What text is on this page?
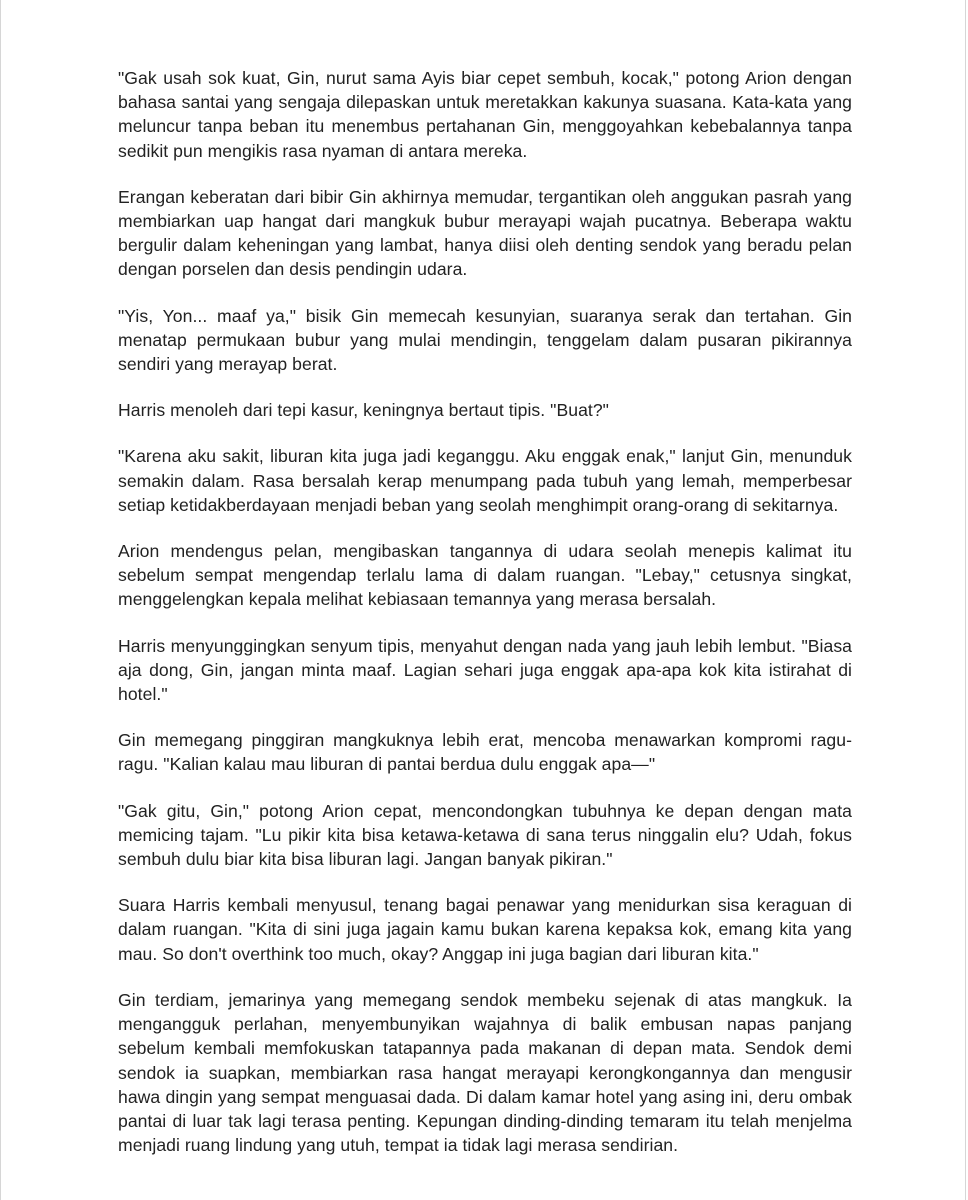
"Gak usah sok kuat, Gin, nurut sama Ayis biar cepet sembuh, kocak," potong Arion dengan bahasa santai yang sengaja dilepaskan untuk meretakkan kakunya suasana. Kata-kata yang meluncur tanpa beban itu menembus pertahanan Gin, menggoyahkan kebebalannya tanpa sedikit pun mengikis rasa nyaman di antara mereka.

Erangan keberatan dari bibir Gin akhirnya memudar, tergantikan oleh anggukan pasrah yang membiarkan uap hangat dari mangkuk bubur merayapi wajah pucatnya. Beberapa waktu bergulir dalam keheningan yang lambat, hanya diisi oleh denting sendok yang beradu pelan dengan porselen dan desis pendingin udara.

"Yis, Yon... maaf ya," bisik Gin memecah kesunyian, suaranya serak dan tertahan. Gin menatap permukaan bubur yang mulai mendingin, tenggelam dalam pusaran pikirannya sendiri yang merayap berat.

Harris menoleh dari tepi kasur, keningnya bertaut tipis. "Buat?"

"Karena aku sakit, liburan kita juga jadi keganggu. Aku enggak enak," lanjut Gin, menunduk semakin dalam. Rasa bersalah kerap menumpang pada tubuh yang lemah, memperbesar setiap ketidakberdayaan menjadi beban yang seolah menghimpit orang-orang di sekitarnya.

Arion mendengus pelan, mengibaskan tangannya di udara seolah menepis kalimat itu sebelum sempat mengendap terlalu lama di dalam ruangan. "Lebay," cetusnya singkat, menggelengkan kepala melihat kebiasaan temannya yang merasa bersalah.

Harris menyunggingkan senyum tipis, menyahut dengan nada yang jauh lebih lembut. "Biasa aja dong, Gin, jangan minta maaf. Lagian sehari juga enggak apa-apa kok kita istirahat di hotel."

Gin memegang pinggiran mangkuknya lebih erat, mencoba menawarkan kompromi ragu-ragu. "Kalian kalau mau liburan di pantai berdua dulu enggak apa—"

"Gak gitu, Gin," potong Arion cepat, mencondongkan tubuhnya ke depan dengan mata memicing tajam. "Lu pikir kita bisa ketawa-ketawa di sana terus ninggalin elu? Udah, fokus sembuh dulu biar kita bisa liburan lagi. Jangan banyak pikiran."

Suara Harris kembali menyusul, tenang bagai penawar yang menidurkan sisa keraguan di dalam ruangan. "Kita di sini juga jagain kamu bukan karena kepaksa kok, emang kita yang mau. So don't overthink too much, okay? Anggap ini juga bagian dari liburan kita."

Gin terdiam, jemarinya yang memegang sendok membeku sejenak di atas mangkuk. Ia mengangguk perlahan, menyembunyikan wajahnya di balik embusan napas panjang sebelum kembali memfokuskan tatapannya pada makanan di depan mata. Sendok demi sendok ia suapkan, membiarkan rasa hangat merayapi kerongkongannya dan mengusir hawa dingin yang sempat menguasai dada. Di dalam kamar hotel yang asing ini, deru ombak pantai di luar tak lagi terasa penting. Kepungan dinding-dinding temaram itu telah menjelma menjadi ruang lindung yang utuh, tempat ia tidak lagi merasa sendirian.
